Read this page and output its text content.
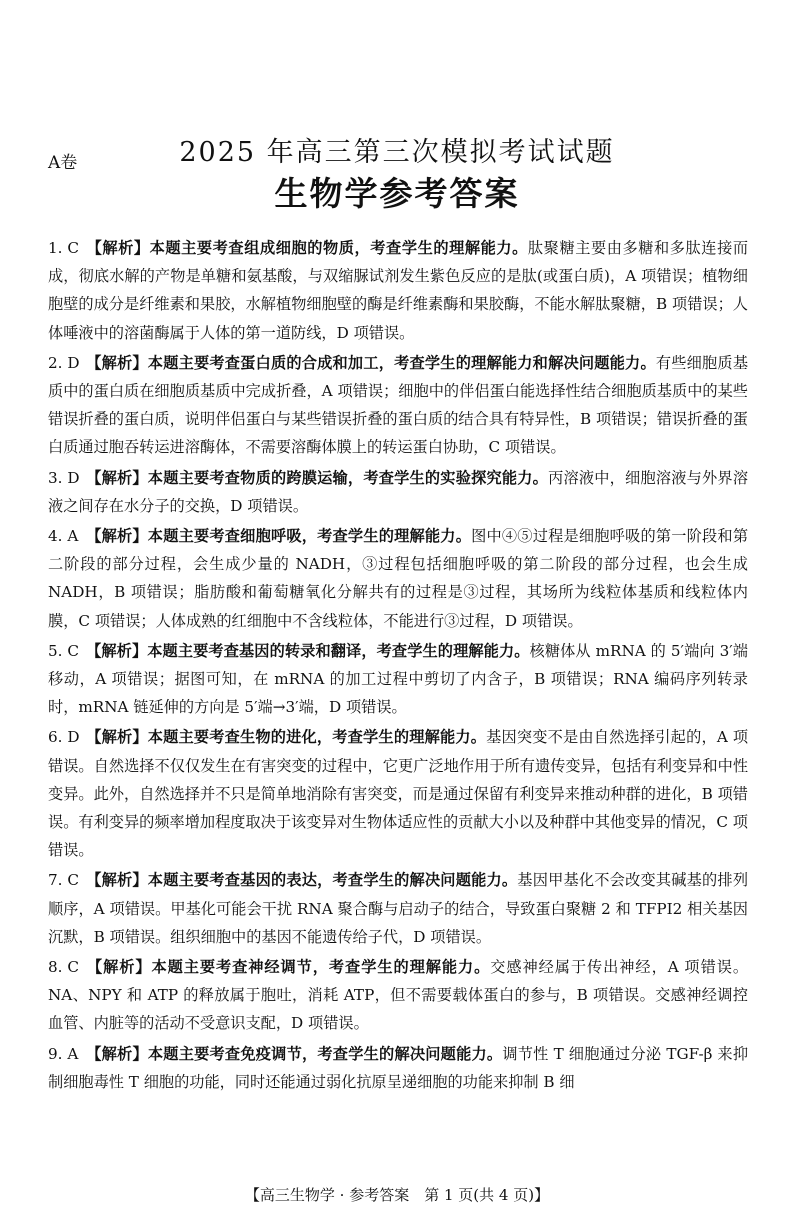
A卷	2025 年高三第三次模拟考试试题
生物学参考答案
1. C 【解析】本题主要考查组成细胞的物质，考查学生的理解能力。肽聚糖主要由多糖和多肽连接而成，彻底水解的产物是单糖和氨基酸，与双缩脲试剂发生紫色反应的是肽(或蛋白质)，A 项错误；植物细胞壁的成分是纤维素和果胶，水解植物细胞壁的酶是纤维素酶和果胶酶，不能水解肽聚糖，B 项错误；人体唾液中的溶菌酶属于人体的第一道防线，D 项错误。
2. D 【解析】本题主要考查蛋白质的合成和加工，考查学生的理解能力和解决问题能力。有些细胞质基质中的蛋白质在细胞质基质中完成折叠，A 项错误；细胞中的伴侣蛋白能选择性结合细胞质基质中的某些错误折叠的蛋白质，说明伴侣蛋白与某些错误折叠的蛋白质的结合具有特异性，B 项错误；错误折叠的蛋白质通过胞吞转运进溶酶体，不需要溶酶体膜上的转运蛋白协助，C 项错误。
3. D 【解析】本题主要考查物质的跨膜运输，考查学生的实验探究能力。丙溶液中，细胞溶液与外界溶液之间存在水分子的交换，D 项错误。
4. A 【解析】本题主要考查细胞呼吸，考查学生的理解能力。图中④⑤过程是细胞呼吸的第一阶段和第二阶段的部分过程，会生成少量的 NADH，③过程包括细胞呼吸的第二阶段的部分过程，也会生成 NADH，B 项错误；脂肪酸和葡萄糖氧化分解共有的过程是③过程，其场所为线粒体基质和线粒体内膜，C 项错误；人体成熟的红细胞中不含线粒体，不能进行③过程，D 项错误。
5. C 【解析】本题主要考查基因的转录和翻译，考查学生的理解能力。核糖体从 mRNA 的 5′端向 3′端移动，A 项错误；据图可知，在 mRNA 的加工过程中剪切了内含子，B 项错误；RNA 编码序列转录时，mRNA 链延伸的方向是 5′端→3′端，D 项错误。
6. D 【解析】本题主要考查生物的进化，考查学生的理解能力。基因突变不是由自然选择引起的，A 项错误。自然选择不仅仅发生在有害突变的过程中，它更广泛地作用于所有遗传变异，包括有利变异和中性变异。此外，自然选择并不只是简单地消除有害突变，而是通过保留有利变异来推动种群的进化，B 项错误。有利变异的频率增加程度取决于该变异对生物体适应性的贡献大小以及种群中其他变异的情况，C 项错误。
7. C 【解析】本题主要考查基因的表达，考查学生的解决问题能力。基因甲基化不会改变其碱基的排列顺序，A 项错误。甲基化可能会干扰 RNA 聚合酶与启动子的结合，导致蛋白聚糖 2 和 TFPI2 相关基因沉默，B 项错误。组织细胞中的基因不能遗传给子代，D 项错误。
8. C 【解析】本题主要考查神经调节，考查学生的理解能力。交感神经属于传出神经，A 项错误。NA、NPY 和 ATP 的释放属于胞吐，消耗 ATP，但不需要载体蛋白的参与，B 项错误。交感神经调控血管、内脏等的活动不受意识支配，D 项错误。
9. A 【解析】本题主要考查免疫调节，考查学生的解决问题能力。调节性 T 细胞通过分泌 TGF-β 来抑制细胞毒性 T 细胞的功能，同时还能通过弱化抗原呈递细胞的功能来抑制 B 细
【高三生物学 · 参考答案　第 1 页(共 4 页)】
